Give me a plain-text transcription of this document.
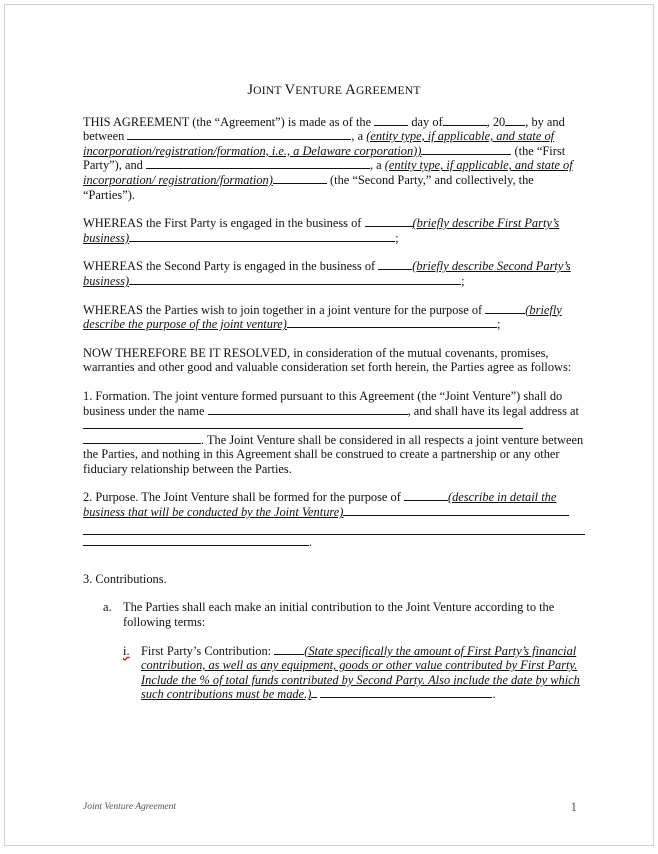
JOINT VENTURE AGREEMENT

THIS AGREEMENT (the “Agreement”) is made as of the	day of	, 20 , by and between	, a (entity type, if applicable, and state of incorporation/registration/formation, i.e., a Delaware corporation))	(the “First Party”), and	, a (entity type, if applicable, and state of incorporation/ registration/formation)	(the “Second Party,” and collectively, the “Parties”).

WHEREAS the First Party is engaged in the business of	(briefly describe First Party’s business)	;

WHEREAS the Second Party is engaged in the business of	(briefly describe Second Party’s business)	;

WHEREAS the Parties wish to join together in a joint venture for the purpose of	(briefly describe the purpose of the joint venture)	;

NOW THEREFORE BE IT RESOLVED, in consideration of the mutual covenants, promises, warranties and other good and valuable consideration set forth herein, the Parties agree as follows:

1. Formation. The joint venture formed pursuant to this Agreement (the “Joint Venture”) shall do business under the name	, and shall have its legal address at  . The Joint Venture shall be considered in all respects a joint venture between the Parties, and nothing in this Agreement shall be construed to create a partnership or any other fiduciary relationship between the Parties.

2. Purpose. The Joint Venture shall be formed for the purpose of	(describe in detail the business that will be conducted by the Joint Venture)
.

3. Contributions.

a. The Parties shall each make an initial contribution to the Joint Venture according to the following terms:
i. First Party’s Contribution:	(State specifically the amount of First Party’s financial contribution, as well as any equipment, goods or other value contributed by First Party. Include the % of total funds contributed by Second Party. Also include the date by which such contributions must be made.)	.
Joint Venture Agreement	1
